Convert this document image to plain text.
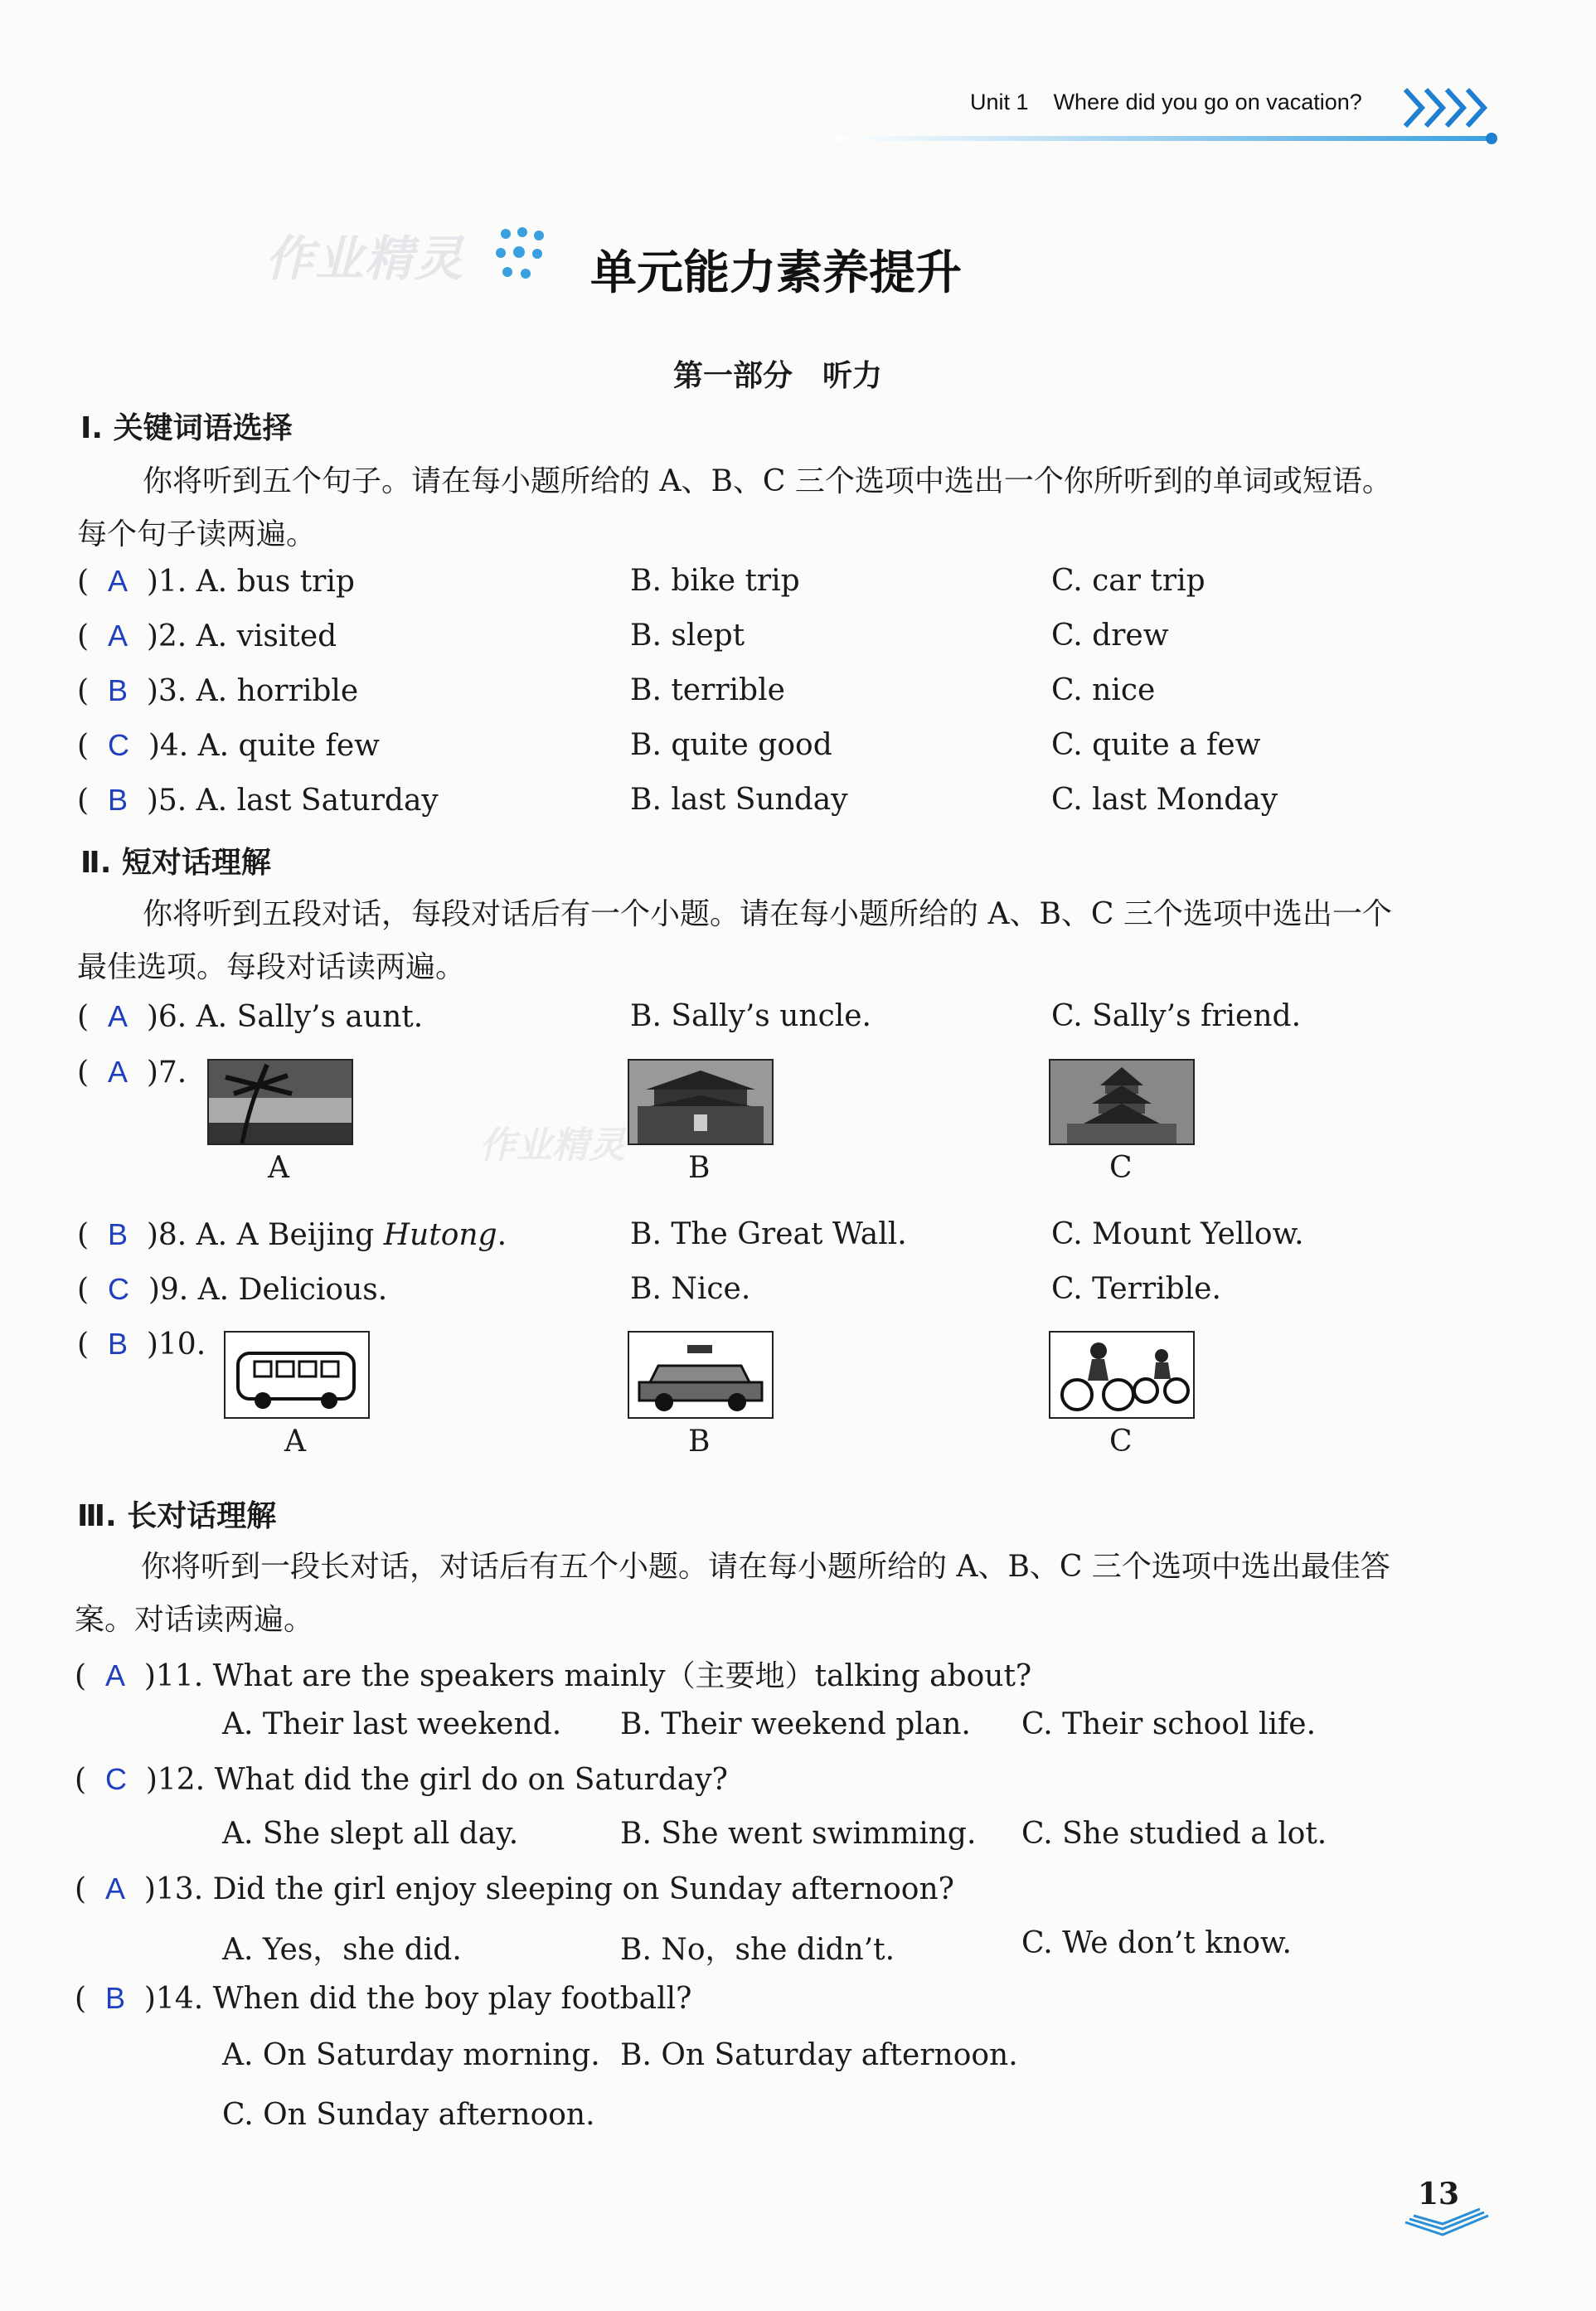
Unit 1 Where did you go on vacation?
作业精灵	单元能力素养提升
第一部分　听力
Ⅰ. 关键词语选择
你将听到五个句子。请在每小题所给的 A、B、C 三个选项中选出一个你所听到的单词或短语。
每个句子读两遍。
(  A )1. A. bus trip	B. bike trip	C. car trip
(  A )2. A. visited	B. slept	C. drew
(  B )3. A. horrible	B. terrible	C. nice
(  C )4. A. quite few	B. quite good	C. quite a few
(  B )5. A. last Saturday	B. last Sunday	C. last Monday
Ⅱ. 短对话理解
你将听到五段对话，每段对话后有一个小题。请在每小题所给的 A、B、C 三个选项中选出一个
最佳选项。每段对话读两遍。
(  A )6. A. Sally’s aunt.	B. Sally’s uncle.	C. Sally’s friend.
(  A )7.
A	B	C
作业精灵
(  B )8. A. A Beijing Hutong.	B. The Great Wall.	C. Mount Yellow.
(  C )9. A. Delicious.	B. Nice.	C. Terrible.
(  B )10.
A	B	C
Ⅲ. 长对话理解
你将听到一段长对话，对话后有五个小题。请在每小题所给的 A、B、C 三个选项中选出最佳答
案。对话读两遍。
(  A )11. What are the speakers mainly（主要地）talking about?
A. Their last weekend. B. Their weekend plan. C. Their school life.
(  C )12. What did the girl do on Saturday?
A. She slept all day.	B. She went swimming. C. She studied a lot.
(  A )13. Did the girl enjoy sleeping on Sunday afternoon?
A. Yes，she did.	B. No，she didn’t.	C. We don’t know.
(  B )14. When did the boy play football?
A. On Saturday morning. B. On Saturday afternoon.
C. On Sunday afternoon.
13
